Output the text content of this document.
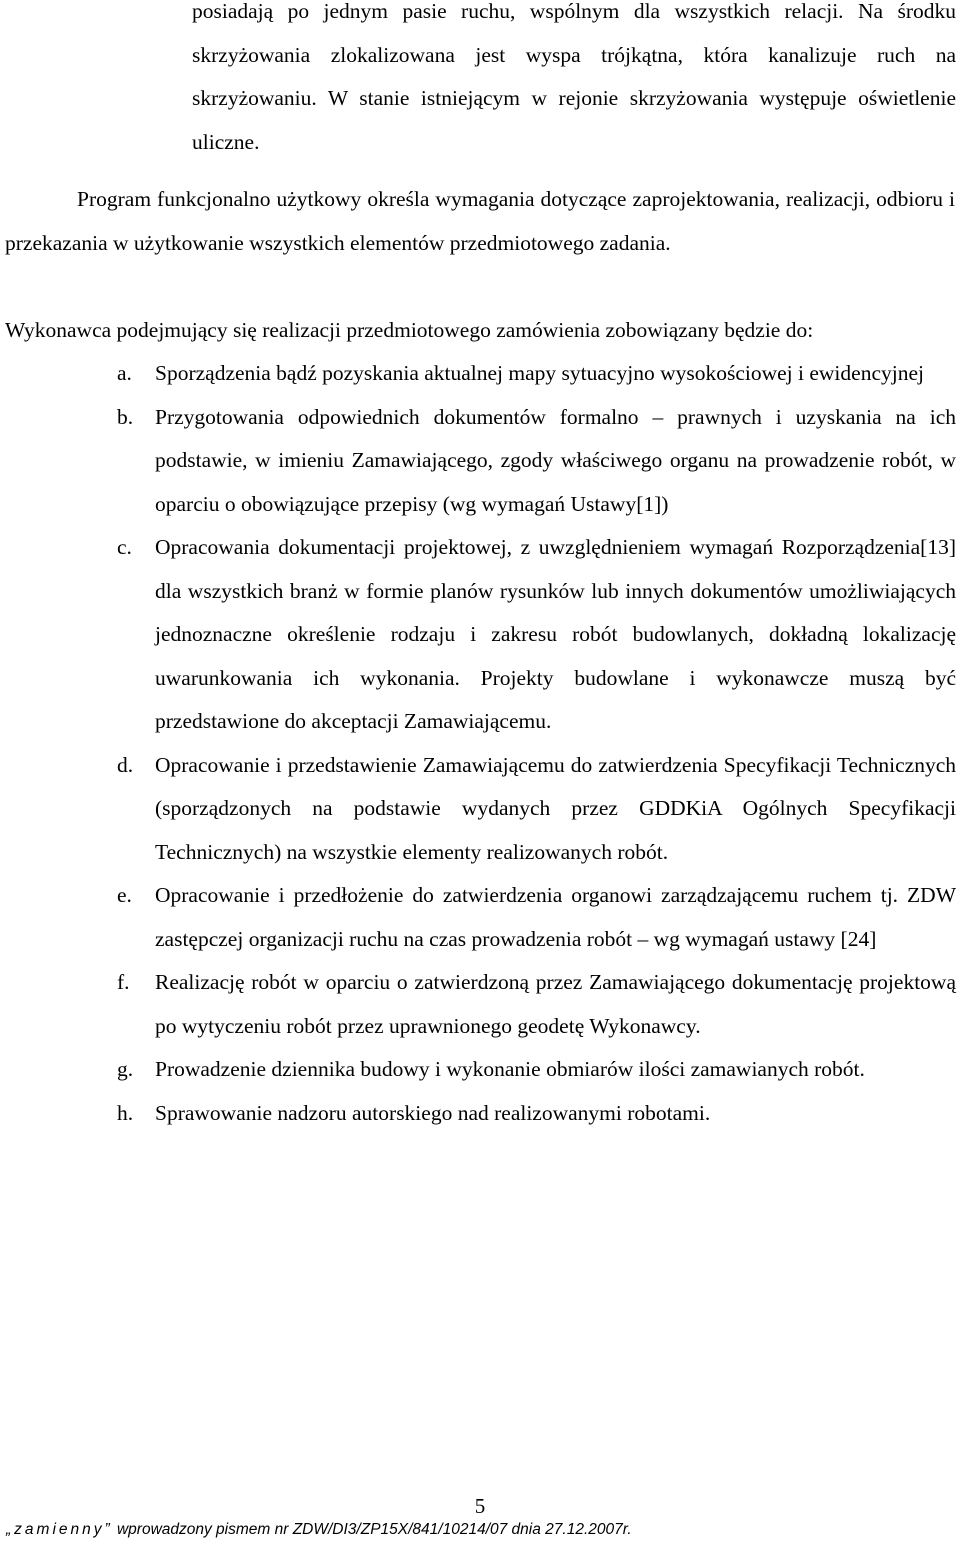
posiadają po jednym pasie ruchu, wspólnym dla wszystkich relacji. Na środku skrzyżowania zlokalizowana jest wyspa trójkątna, która kanalizuje ruch na skrzyżowaniu. W stanie istniejącym w rejonie skrzyżowania występuje oświetlenie uliczne.

Program funkcjonalno użytkowy określa wymagania dotyczące zaprojektowania, realizacji, odbioru i przekazania w użytkowanie wszystkich elementów przedmiotowego zadania.

Wykonawca podejmujący się realizacji przedmiotowego zamówienia zobowiązany będzie do:

a. Sporządzenia bądź pozyskania aktualnej mapy sytuacyjno wysokościowej i ewidencyjnej
b. Przygotowania odpowiednich dokumentów formalno – prawnych i uzyskania na ich podstawie, w imieniu Zamawiającego, zgody właściwego organu na prowadzenie robót, w oparciu o obowiązujące przepisy (wg wymagań Ustawy[1])
c. Opracowania dokumentacji projektowej, z uwzględnieniem wymagań Rozporządzenia[13] dla wszystkich branż w formie planów rysunków lub innych dokumentów umożliwiających jednoznaczne określenie rodzaju i zakresu robót budowlanych, dokładną lokalizację uwarunkowania ich wykonania. Projekty budowlane i wykonawcze muszą być przedstawione do akceptacji Zamawiającemu.
d. Opracowanie i przedstawienie Zamawiającemu do zatwierdzenia Specyfikacji Technicznych (sporządzonych na podstawie wydanych przez GDDKiA Ogólnych Specyfikacji Technicznych) na wszystkie elementy realizowanych robót.
e. Opracowanie i przedłożenie do zatwierdzenia organowi zarządzającemu ruchem tj. ZDW zastępczej organizacji ruchu na czas prowadzenia robót – wg wymagań ustawy [24]
f. Realizację robót w oparciu o zatwierdzoną przez Zamawiającego dokumentację projektową po wytyczeniu robót przez uprawnionego geodetę Wykonawcy.
g. Prowadzenie dziennika budowy i wykonanie obmiarów ilości zamawianych robót.
h. Sprawowanie nadzoru autorskiego nad realizowanymi robotami.
5
„zamienny” wprowadzony pismem nr ZDW/DI3/ZP15X/841/10214/07 dnia 27.12.2007r.
